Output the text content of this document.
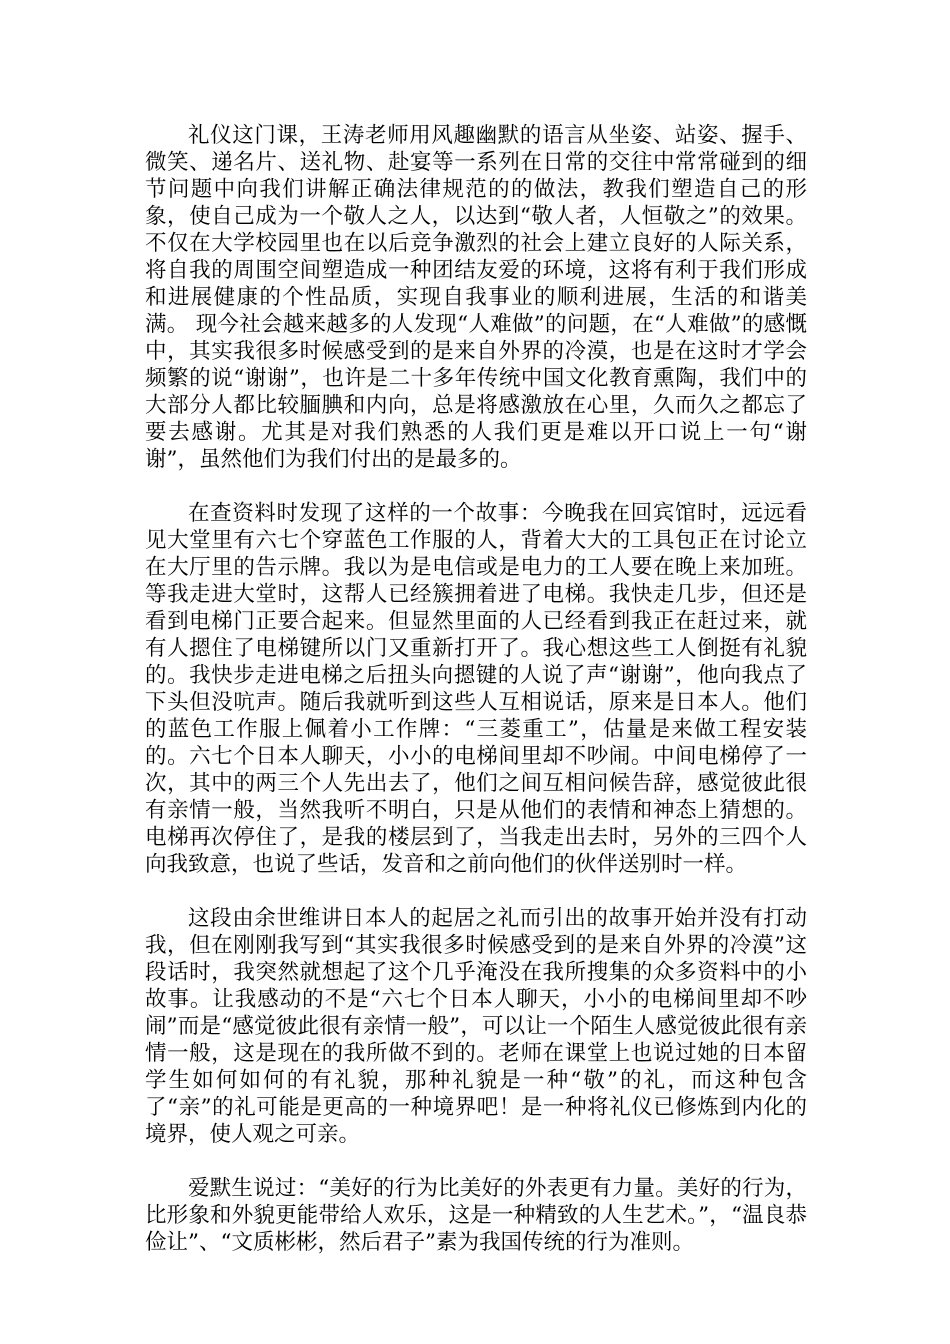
礼仪这门课，王涛老师用风趣幽默的语言从坐姿、站姿、握手、微笑、递名片、送礼物、赴宴等一系列在日常的交往中常常碰到的细节问题中向我们讲解正确法律规范的的做法，教我们塑造自己的形象，使自己成为一个敬人之人，以达到“敬人者，人恒敬之”的效果。不仅在大学校园里也在以后竞争激烈的社会上建立良好的人际关系，将自我的周围空间塑造成一种团结友爱的环境，这将有利于我们形成和进展健康的个性品质，实现自我事业的顺利进展，生活的和谐美满。 现今社会越来越多的人发现“人难做”的问题，在“人难做”的感慨中，其实我很多时候感受到的是来自外界的冷漠，也是在这时才学会频繁的说“谢谢”，也许是二十多年传统中国文化教育熏陶，我们中的大部分人都比较腼腆和内向，总是将感激放在心里，久而久之都忘了要去感谢。尤其是对我们熟悉的人我们更是难以开口说上一句“谢谢”，虽然他们为我们付出的是最多的。

在查资料时发现了这样的一个故事：今晚我在回宾馆时，远远看见大堂里有六七个穿蓝色工作服的人，背着大大的工具包正在讨论立在大厅里的告示牌。我以为是电信或是电力的工人要在晚上来加班。等我走进大堂时，这帮人已经簇拥着进了电梯。我快走几步，但还是看到电梯门正要合起来。但显然里面的人已经看到我正在赶过来，就有人摁住了电梯键所以门又重新打开了。我心想这些工人倒挺有礼貌的。我快步走进电梯之后扭头向摁键的人说了声“谢谢”，他向我点了下头但没吭声。随后我就听到这些人互相说话，原来是日本人。他们的蓝色工作服上佩着小工作牌：“三菱重工”，估量是来做工程安装的。六七个日本人聊天，小小的电梯间里却不吵闹。中间电梯停了一次，其中的两三个人先出去了，他们之间互相问候告辞，感觉彼此很有亲情一般，当然我听不明白，只是从他们的表情和神态上猜想的。电梯再次停住了，是我的楼层到了，当我走出去时，另外的三四个人向我致意，也说了些话，发音和之前向他们的伙伴送别时一样。

这段由余世维讲日本人的起居之礼而引出的故事开始并没有打动我，但在刚刚我写到“其实我很多时候感受到的是来自外界的冷漠”这段话时，我突然就想起了这个几乎淹没在我所搜集的众多资料中的小故事。让我感动的不是“六七个日本人聊天，小小的电梯间里却不吵闹”而是“感觉彼此很有亲情一般”，可以让一个陌生人感觉彼此很有亲情一般，这是现在的我所做不到的。老师在课堂上也说过她的日本留学生如何如何的有礼貌，那种礼貌是一种“敬”的礼，而这种包含了“亲”的礼可能是更高的一种境界吧！是一种将礼仪已修炼到内化的境界，使人观之可亲。

爱默生说过：“美好的行为比美好的外表更有力量。美好的行为，比形象和外貌更能带给人欢乐，这是一种精致的人生艺术。”，“温良恭俭让”、“文质彬彬，然后君子”素为我国传统的行为准则。
